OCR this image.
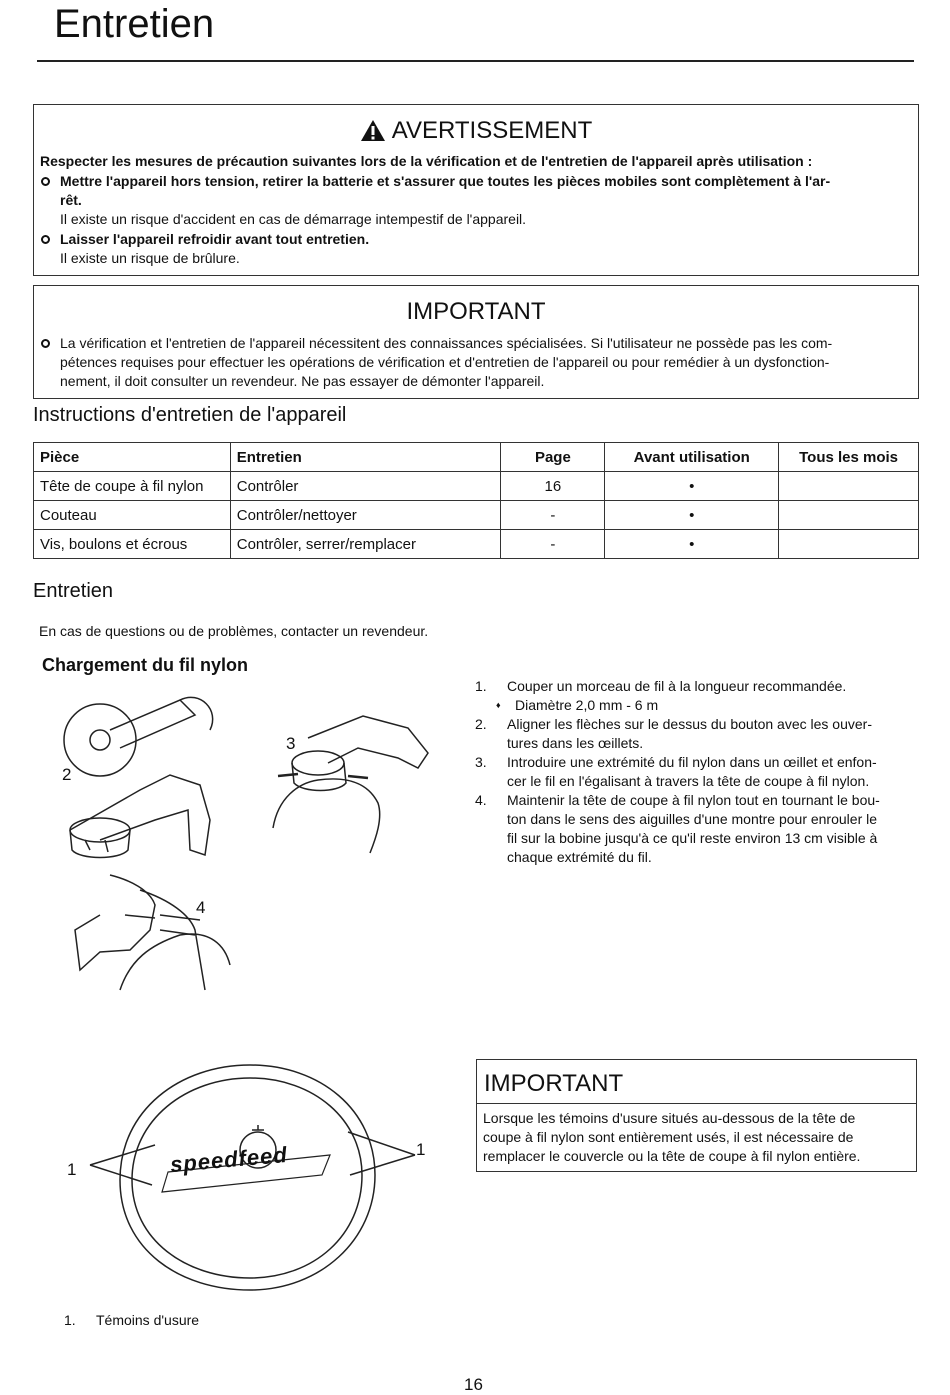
Entretien
AVERTISSEMENT
Respecter les mesures de précaution suivantes lors de la vérification et de l'entretien de l'appareil après utilisation :
Mettre l'appareil hors tension, retirer la batterie et s'assurer que toutes les pièces mobiles sont complètement à l'ar-
rêt.
Il existe un risque d'accident en cas de démarrage intempestif de l'appareil.
Laisser l'appareil refroidir avant tout entretien.
Il existe un risque de brûlure.
IMPORTANT
La vérification et l'entretien de l'appareil nécessitent des connaissances spécialisées. Si l'utilisateur ne possède pas les com-
pétences requises pour effectuer les opérations de vérification et d'entretien de l'appareil ou pour remédier à un dysfonction-
nement, il doit consulter un revendeur. Ne pas essayer de démonter l'appareil.
Instructions d'entretien de l'appareil
Pièce	Entretien	Page	Avant utilisation	Tous les mois
Tête de coupe à fil nylon	Contrôler	16	•	
Couteau	Contrôler/nettoyer	-	•	
Vis, boulons et écrous	Contrôler, serrer/remplacer	-	•	
Entretien
En cas de questions ou de problèmes, contacter un revendeur.
Chargement du fil nylon
1. Couper un morceau de fil à la longueur recommandée.
♦ Diamètre 2,0 mm - 6 m
2. Aligner les flèches sur le dessus du bouton avec les ouver-
tures dans les œillets.
3. Introduire une extrémité du fil nylon dans un œillet et enfon-
cer le fil en l'égalisant à travers la tête de coupe à fil nylon.
4. Maintenir la tête de coupe à fil nylon tout en tournant le bou-
ton dans le sens des aiguilles d'une montre pour enrouler le
fil sur la bobine jusqu'à ce qu'il reste environ 13 cm visible à
chaque extrémité du fil.
2
4
3
IMPORTANT
Lorsque les témoins d'usure situés au-dessous de la tête de
coupe à fil nylon sont entièrement usés, il est nécessaire de
remplacer le couvercle ou la tête de coupe à fil nylon entière.
speedfeed
1
1
1. Témoins d'usure
16
